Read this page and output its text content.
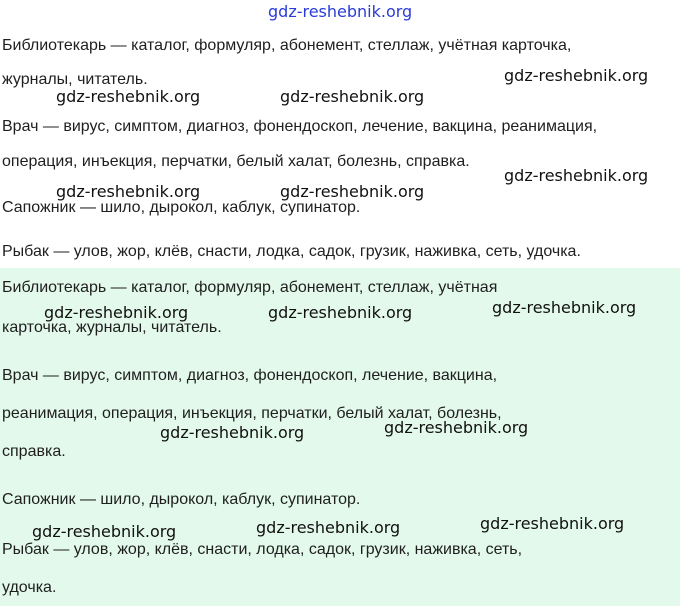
gdz-reshebnik.org
Библиотекарь — каталог, формуляр, абонемент, стеллаж, учётная карточка,
журналы, читатель.
Врач — вирус, симптом, диагноз, фонендоскоп, лечение, вакцина, реанимация,
операция, инъекция, перчатки, белый халат, болезнь, справка.
Сапожник — шило, дырокол, каблук, супинатор.
Рыбак — улов, жор, клёв, снасти, лодка, садок, грузик, наживка, сеть, удочка.
Библиотекарь — каталог, формуляр, абонемент, стеллаж, учётная
карточка, журналы, читатель.
Врач — вирус, симптом, диагноз, фонендоскоп, лечение, вакцина,
реанимация, операция, инъекция, перчатки, белый халат, болезнь,
справка.
Сапожник — шило, дырокол, каблук, супинатор.
Рыбак — улов, жор, клёв, снасти, лодка, садок, грузик, наживка, сеть,
удочка.
gdz-reshebnik.org
gdz-reshebnik.org	gdz-reshebnik.org
gdz-reshebnik.org
gdz-reshebnik.org	gdz-reshebnik.org
gdz-reshebnik.org
gdz-reshebnik.org	gdz-reshebnik.org
gdz-reshebnik.org
gdz-reshebnik.org
gdz-reshebnik.org
gdz-reshebnik.org
gdz-reshebnik.org
